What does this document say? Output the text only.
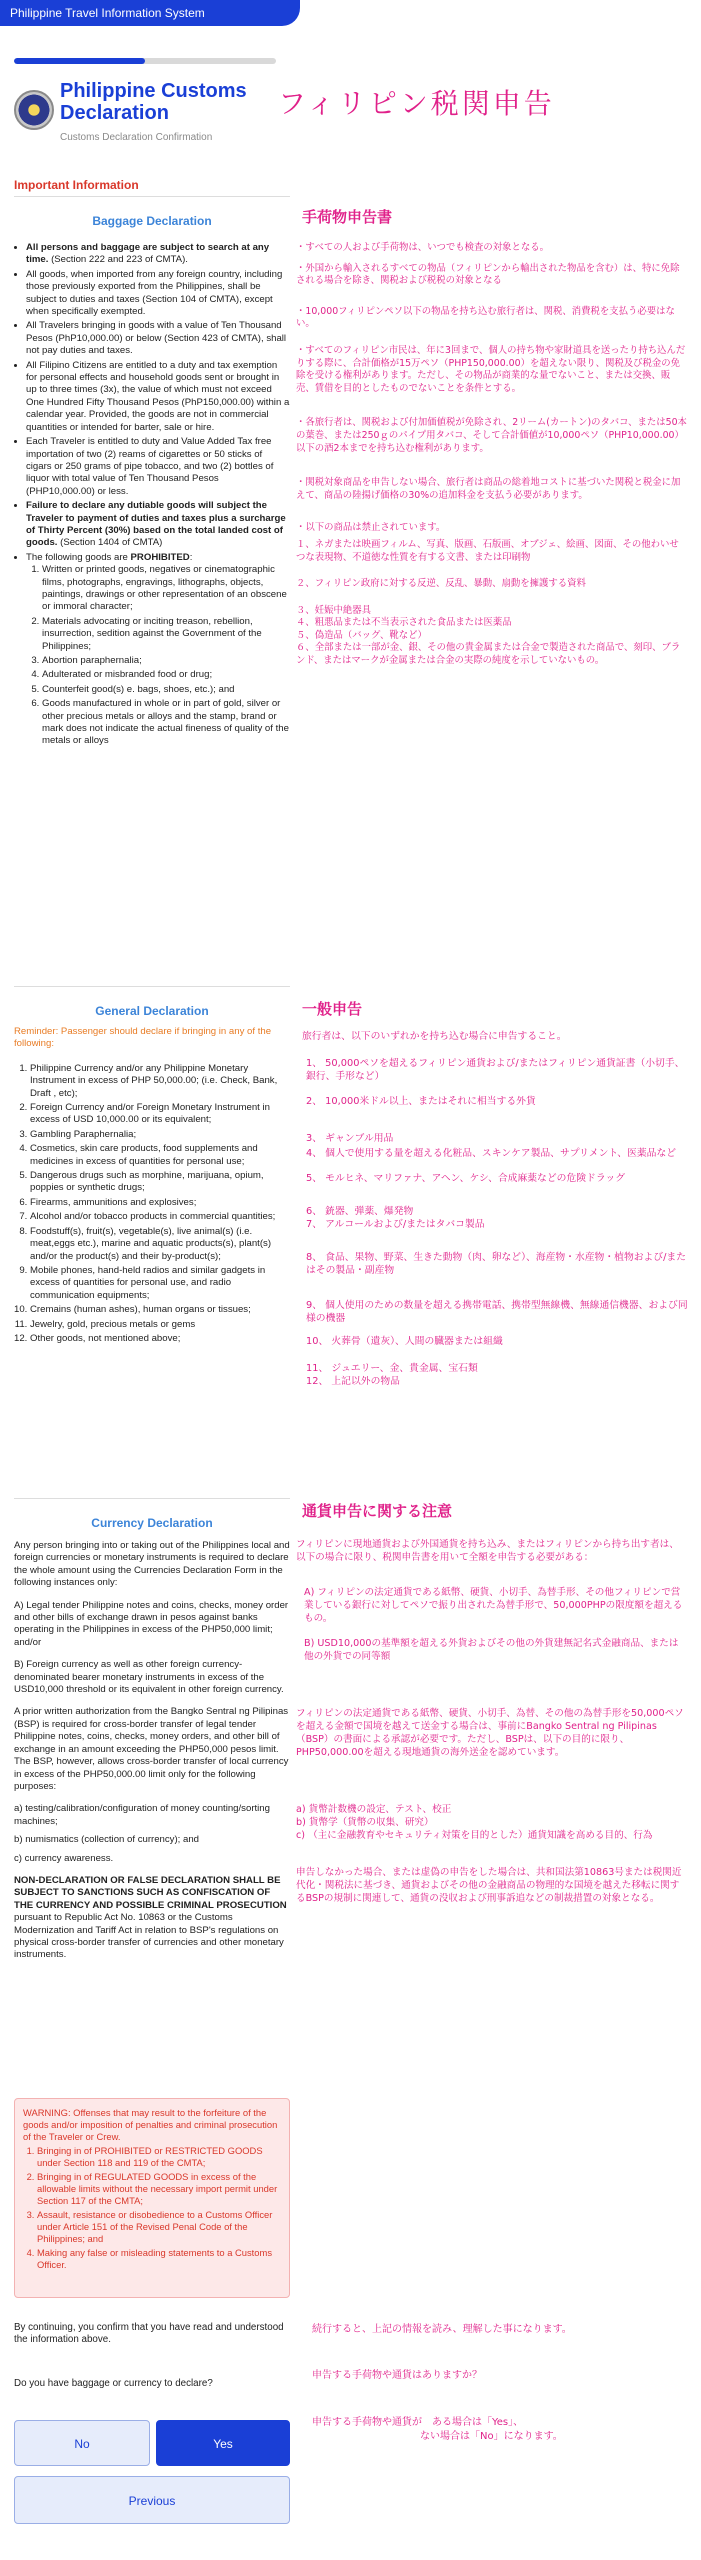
Philippine Travel Information System
Philippine Customs Declaration
Customs Declaration Confirmation
フィリピン税関申告
Important Information
Baggage Declaration	手荷物申告書
• All persons and baggage are subject to search at any time. (Section 222 and 223 of CMTA).
• All goods, when imported from any foreign country, including those previously exported from the Philippines, shall be subject to duties and taxes (Section 104 of CMTA), except when specifically exempted.
• All Travelers bringing in goods with a value of Ten Thousand Pesos (PhP10,000.00) or below (Section 423 of CMTA), shall not pay duties and taxes.
• All Filipino Citizens are entitled to a duty and tax exemption for personal effects and household goods sent or brought in up to three times (3x), the value of which must not exceed One Hundred Fifty Thousand Pesos (PhP150,000.00) within a calendar year. Provided, the goods are not in commercial quantities or intended for barter, sale or hire.
• Each Traveler is entitled to duty and Value Added Tax free importation of two (2) reams of cigarettes or 50 sticks of cigars or 250 grams of pipe tobacco, and two (2) bottles of liquor with total value of Ten Thousand Pesos (PHP10,000.00) or less.
• Failure to declare any dutiable goods will subject the Traveler to payment of duties and taxes plus a surcharge of Thirty Percent (30%) based on the total landed cost of goods. (Section 1404 of CMTA)
• The following goods are PROHIBITED:
1. Written or printed goods, negatives or cinematographic films, photographs, engravings, lithographs, objects, paintings, drawings or other representation of an obscene or immoral character;
2. Materials advocating or inciting treason, rebellion, insurrection, sedition against the Government of the Philippines;
3. Abortion paraphernalia;
4. Adulterated or misbranded food or drug;
5. Counterfeit good(s) e. bags, shoes, etc.); and
6. Goods manufactured in whole or in part of gold, silver or other precious metals or alloys and the stamp, brand or mark does not indicate the actual fineness of quality of the metals or alloys

・すべての人および手荷物は、いつでも検査の対象となる。

・外国から輸入されるすべての物品（フィリピンから輸出された物品を含む）は、特に免除される場合を除き、関税および税税の対象となる

・10,000フィリピンペソ以下の物品を持ち込む旅行者は、関税、消費税を支払う必要はない。

・すべてのフィリピン市民は、年に3回まで、個人の持ち物や家財道具を送ったり持ち込んだりする際に、合計価格が15万ペソ（PHP150,000.00）を超えない限り、関税及び税金の免除を受ける権利があります。ただし、その物品が商業的な量でないこと、または交換、販売、賃借を目的としたものでないことを条件とする。

・各旅行者は、関税および付加価値税が免除され、2リーム(カートン)のタバコ、または50本の葉巻、または250ｇのパイプ用タバコ、そして合計価値が10,000ペソ（PHP10,000.00）以下の酒2本までを持ち込む権利があります。

・関税対象商品を申告しない場合、旅行者は商品の総着地コストに基づいた関税と税金に加えて、商品の陸揚げ価格の30%の追加料金を支払う必要があります。

・以下の商品は禁止されています。

１、ネガまたは映画フィルム、写真、版画、石版画、オブジェ、絵画、図面、その他わいせつな表現物、不道徳な性質を有する文書、または印刷物

２、フィリピン政府に対する反逆、反乱、暴動、扇動を擁護する資料

３、妊娠中絶器具

４、粗悪品または不当表示された食品または医薬品

５、偽造品（バッグ、靴など）

６、全部または一部が金、銀、その他の貴金属または合金で製造された商品で、刻印、ブランド、またはマークが金属または合金の実際の純度を示していないもの。

General Declaration	一般申告

Reminder: Passenger should declare if bringing in any of the following:

1. Philippine Currency and/or any Philippine Monetary Instrument in excess of PHP 50,000.00; (i.e. Check, Bank, Draft , etc);
2. Foreign Currency and/or Foreign Monetary Instrument in excess of USD 10,000.00 or its equivalent;
3. Gambling Paraphernalia;
4. Cosmetics, skin care products, food supplements and medicines in excess of quantities for personal use;
5. Dangerous drugs such as morphine, marijuana, opium, poppies or synthetic drugs;
6. Firearms, ammunitions and explosives;
7. Alcohol and/or tobacco products in commercial quantities;
8. Foodstuff(s), fruit(s), vegetable(s), live animal(s) (i.e. meat,eggs etc.), marine and aquatic products(s), plant(s) and/or the product(s) and their by-product(s);
9. Mobile phones, hand-held radios and similar gadgets in excess of quantities for personal use, and radio communication equipments;
10. Cremains (human ashes), human organs or tissues;
11. Jewelry, gold, precious metals or gems
12. Other goods, not mentioned above;

旅行者は、以下のいずれかを持ち込む場合に申告すること。

1、 50,000ペソを超えるフィリピン通貨および/またはフィリピン通貨証書（小切手、銀行、手形など）

2、 10,000米ドル以上、またはそれに相当する外貨

3、 ギャンブル用品

4、 個人で使用する量を超える化粧品、スキンケア製品、サプリメント、医薬品など

5、 モルヒネ、マリファナ、アヘン、ケシ、合成麻薬などの危険ドラッグ

6、 銃器、弾薬、爆発物

7、 アルコールおよび/またはタバコ製品

8、 食品、果物、野菜、生きた動物（肉、卵など）、海産物・水産物・植物および/またはその製品・副産物

9、 個人使用のための数量を超える携帯電話、携帯型無線機、無線通信機器、および同様の機器

10、 火葬骨（遺灰）、人間の臓器または組織

11、 ジュエリー、金、貴金属、宝石類

12、 上記以外の物品

Currency Declaration
通貨申告に関する注意

Any person bringing into or taking out of the Philippines local and foreign currencies or monetary instruments is required to declare the whole amount using the Currencies Declaration Form in the following instances only:

A) Legal tender Philippine notes and coins, checks, money order and other bills of exchange drawn in pesos against banks operating in the Philippines in excess of the PHP50,000 limit; and/or

B) Foreign currency as well as other foreign currency-denominated bearer monetary instruments in excess of the USD10,000 threshold or its equivalent in other foreign currency.

A prior written authorization from the Bangko Sentral ng Pilipinas (BSP) is required for cross-border transfer of legal tender Philippine notes, coins, checks, money orders, and other bill of exchange in an amount exceeding the PHP50,000 pesos limit. The BSP, however, allows cross-border transfer of local currency in excess of the PHP50,000.00 limit only for the following purposes:

a) testing/calibration/configuration of money counting/sorting machines;

b) numismatics (collection of currency); and

c) currency awareness.

NON-DECLARATION OR FALSE DECLARATION SHALL BE SUBJECT TO SANCTIONS SUCH AS CONFISCATION OF THE CURRENCY AND POSSIBLE CRIMINAL PROSECUTION pursuant to Republic Act No. 10863 or the Customs Modernization and Tariff Act in relation to BSP's regulations on physical cross-border transfer of currencies and other monetary instruments.

フィリピンに現地通貨および外国通貨を持ち込み、またはフィリピンから持ち出す者は、以下の場合に限り、税関申告書を用いて全額を申告する必要がある：

A) フィリピンの法定通貨である紙幣、硬貨、小切手、為替手形、その他フィリピンで営業している銀行に対してペソで振り出された為替手形で、50,000PHPの限度額を超えるもの。

B) USD10,000の基準額を超える外貨およびその他の外貨建無記名式金融商品、または他の外貨での同等額

フィリピンの法定通貨である紙幣、硬貨、小切手、為替、その他の為替手形を50,000ペソを超える金額で国境を越えて送金する場合は、事前にBangko Sentral ng Pilipinas（BSP）の書面による承認が必要です。ただし、BSPは、以下の目的に限り、PHP50,000.00を超える現地通貨の海外送金を認めています。

a) 貨幣計数機の設定、テスト、校正

b) 貨幣学（貨幣の収集、研究）

c) （主に金融教育やセキュリティ対策を目的とした）通貨知識を高める目的、行為

申告しなかった場合、または虚偽の申告をした場合は、共和国法第10863号または税関近代化・関税法に基づき、通貨およびその他の金融商品の物理的な国境を越えた移転に関するBSPの規制に関連して、通貨の没収および刑事訴追などの制裁措置の対象となる。

WARNING: Offenses that may result to the forfeiture of the goods and/or imposition of penalties and criminal prosecution of the Traveler or Crew.

1. Bringing in of PROHIBITED or RESTRICTED GOODS under Section 118 and 119 of the CMTA;
2. Bringing in of REGULATED GOODS in excess of the allowable limits without the necessary import permit under Section 117 of the CMTA;
3. Assault, resistance or disobedience to a Customs Officer under Article 151 of the Revised Penal Code of the Philippines; and
4. Making any false or misleading statements to a Customs Officer.
By continuing, you confirm that you have read and understood the information above.
続行すると、上記の情報を読み、理解した事になります。
Do you have baggage or currency to declare?
申告する手荷物や通貨はありますか？
申告する手荷物や通貨が　ある場合は「Yes」、
ない場合は「No」になります。
No	Yes
Previous
